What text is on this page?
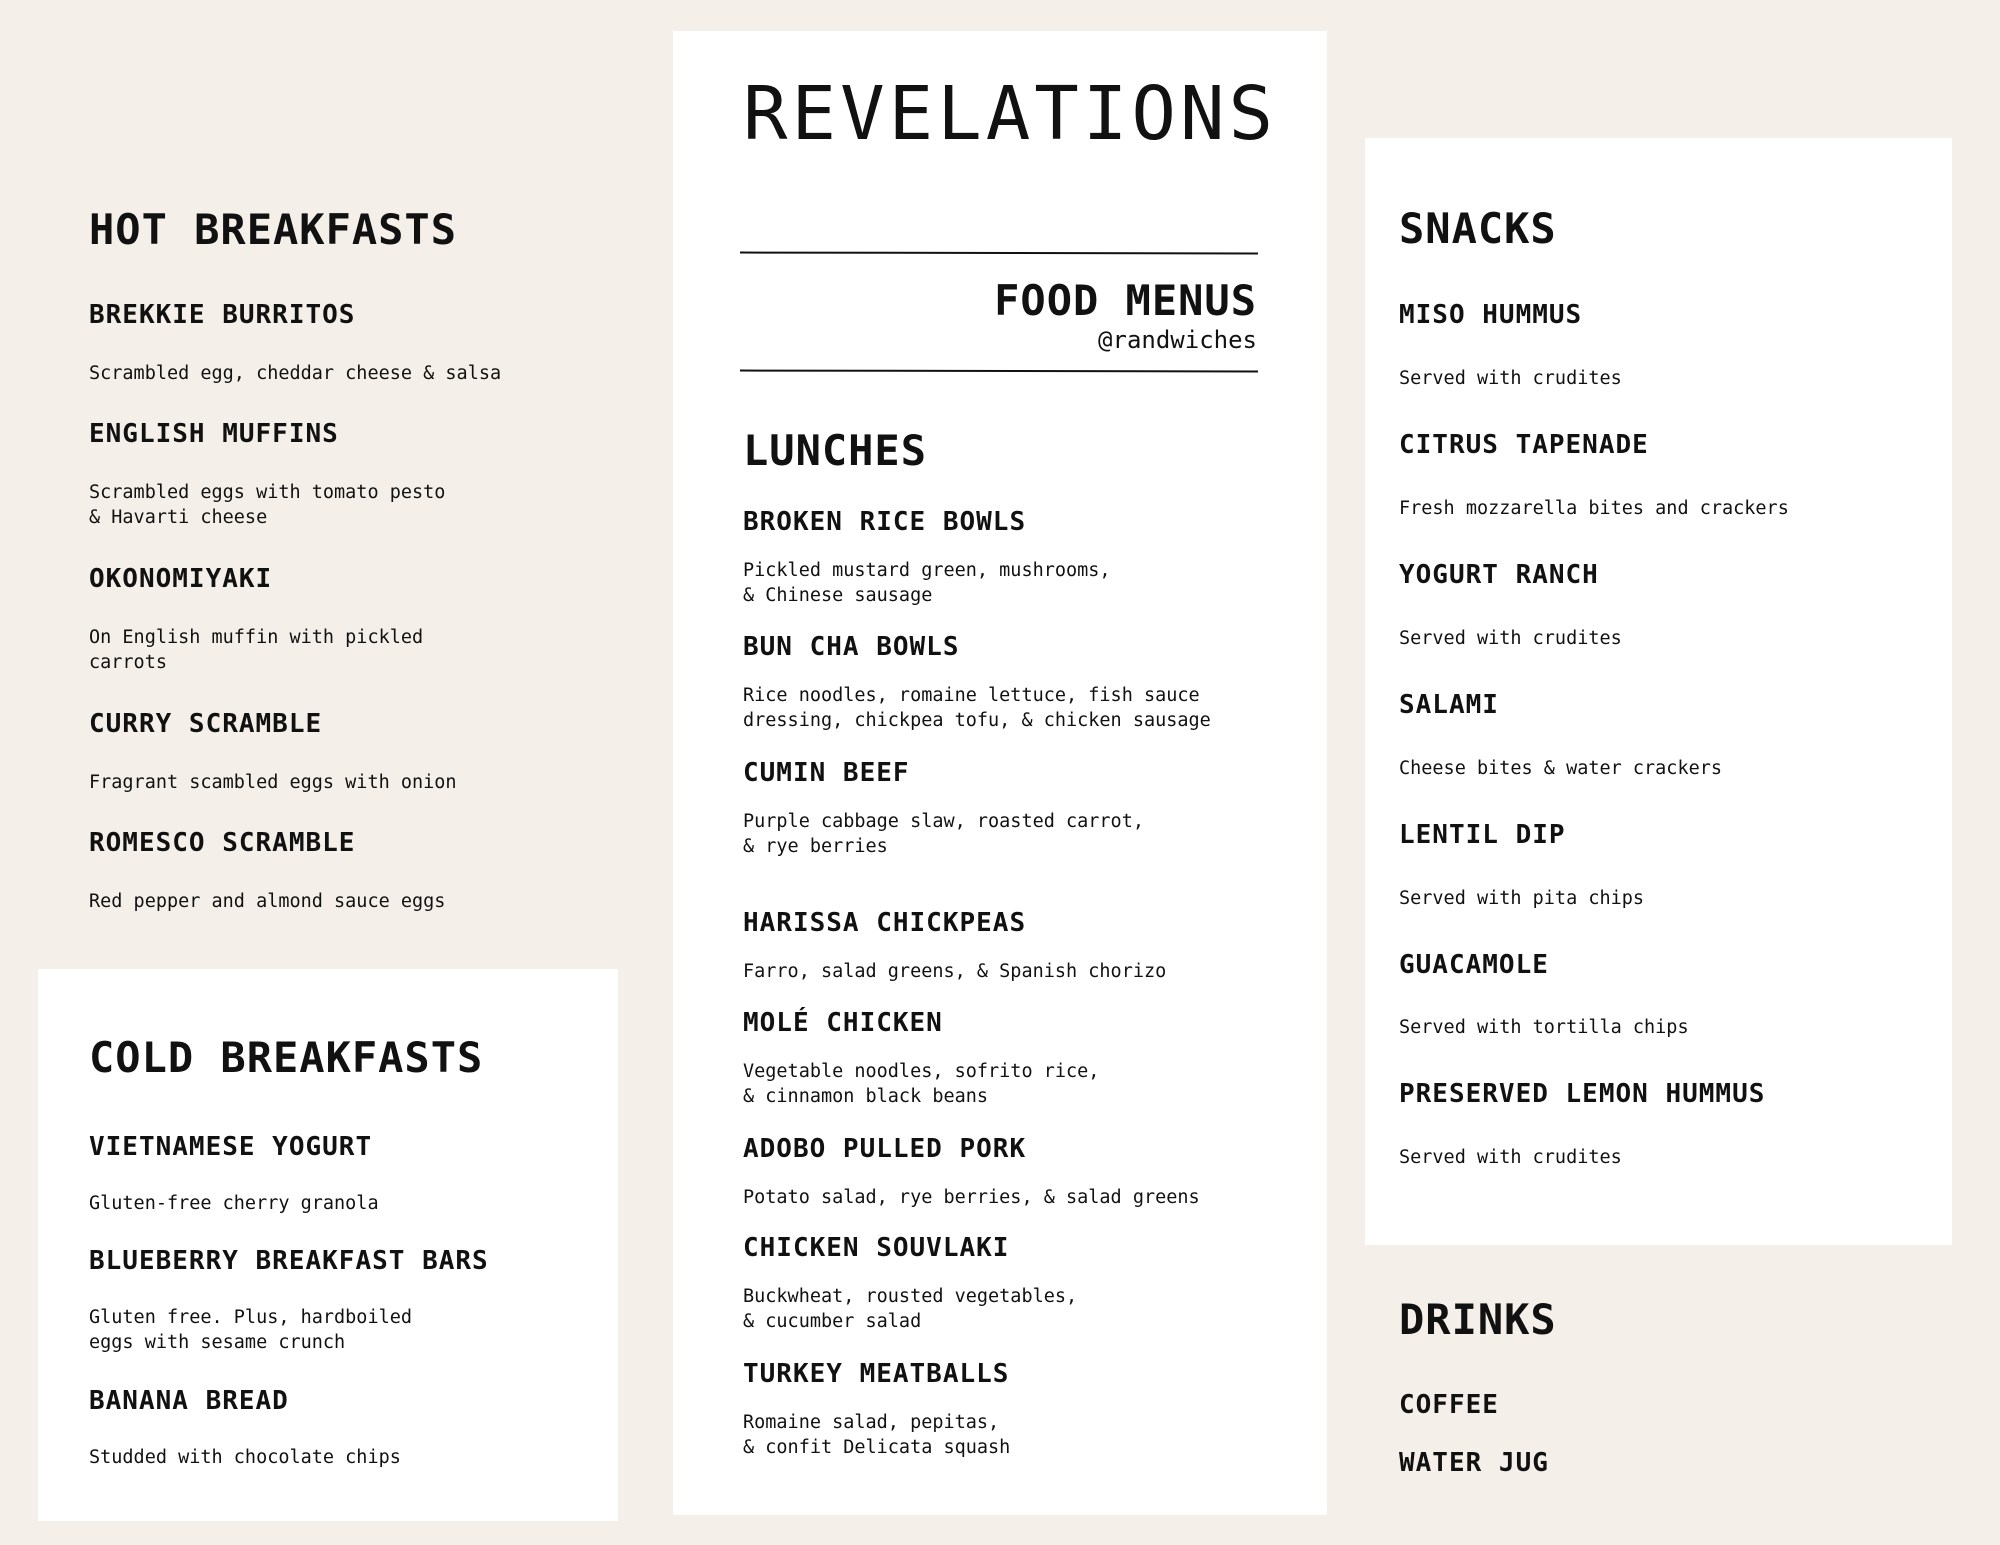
HOT BREAKFASTS
BREKKIE BURRITOS
Scrambled egg, cheddar cheese & salsa
ENGLISH MUFFINS
Scrambled eggs with tomato pesto
& Havarti cheese
OKONOMIYAKI
On English muffin with pickled
carrots
CURRY SCRAMBLE
Fragrant scambled eggs with onion
ROMESCO SCRAMBLE
Red pepper and almond sauce eggs
COLD BREAKFASTS
VIETNAMESE YOGURT
Gluten-free cherry granola
BLUEBERRY BREAKFAST BARS
Gluten free. Plus, hardboiled
eggs with sesame crunch
BANANA BREAD
Studded with chocolate chips
REVELATIONS
FOOD MENUS
@randwiches
LUNCHES
BROKEN RICE BOWLS
Pickled mustard green, mushrooms,
& Chinese sausage
BUN CHA BOWLS
Rice noodles, romaine lettuce, fish sauce
dressing, chickpea tofu, & chicken sausage
CUMIN BEEF
Purple cabbage slaw, roasted carrot,
& rye berries
HARISSA CHICKPEAS
Farro, salad greens, & Spanish chorizo
MOLÉ CHICKEN
Vegetable noodles, sofrito rice,
& cinnamon black beans
ADOBO PULLED PORK
Potato salad, rye berries, & salad greens
CHICKEN SOUVLAKI
Buckwheat, rousted vegetables,
& cucumber salad
TURKEY MEATBALLS
Romaine salad, pepitas,
& confit Delicata squash
SNACKS
MISO HUMMUS
Served with crudites
CITRUS TAPENADE
Fresh mozzarella bites and crackers
YOGURT RANCH
Served with crudites
SALAMI
Cheese bites & water crackers
LENTIL DIP
Served with pita chips
GUACAMOLE
Served with tortilla chips
PRESERVED LEMON HUMMUS
Served with crudites
DRINKS
COFFEE
WATER JUG
